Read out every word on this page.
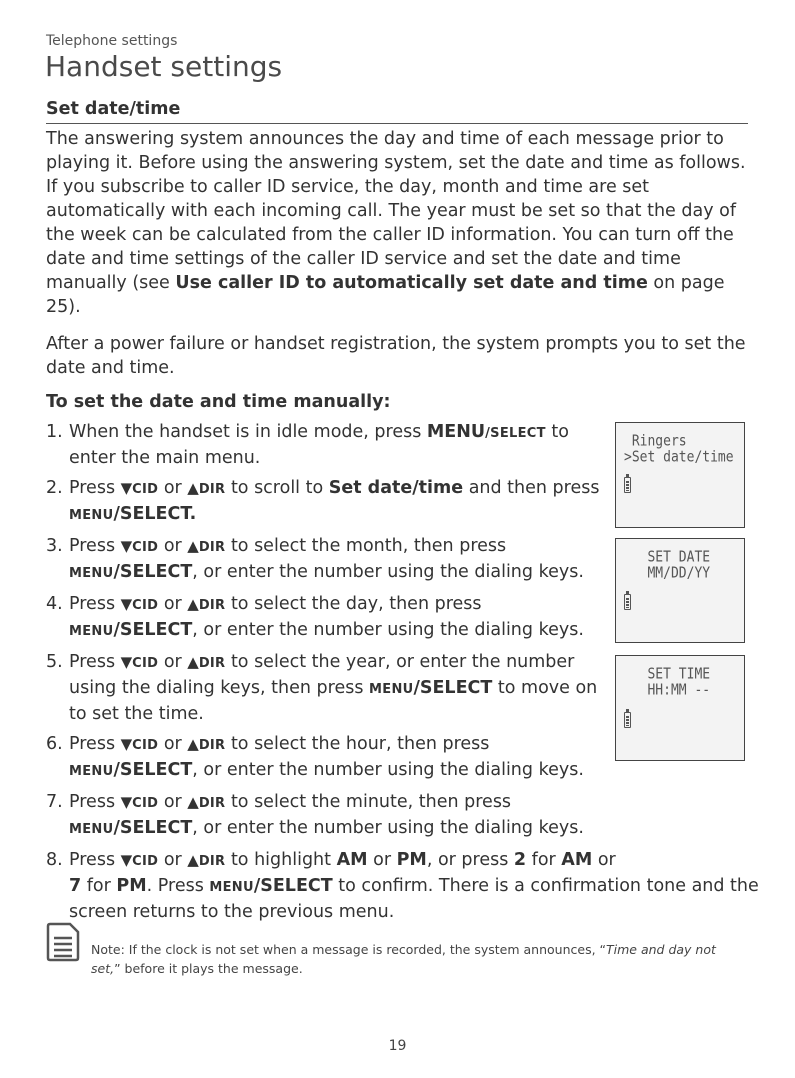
Telephone settings
Handset settings
Set date/time
The answering system announces the day and time of each message prior to playing it. Before using the answering system, set the date and time as follows. If you subscribe to caller ID service, the day, month and time are set automatically with each incoming call. The year must be set so that the day of the week can be calculated from the caller ID information. You can turn off the date and time settings of the caller ID service and set the date and time manually (see Use caller ID to automatically set date and time on page 25).
After a power failure or handset registration, the system prompts you to set the date and time.
To set the date and time manually:
1. When the handset is in idle mode, press MENU/SELECT to enter the main menu.
2. Press ▼CID or ▲DIR to scroll to Set date/time and then press MENU/SELECT.
3. Press ▼CID or ▲DIR to select the month, then press MENU/SELECT, or enter the number using the dialing keys.
4. Press ▼CID or ▲DIR to select the day, then press MENU/SELECT, or enter the number using the dialing keys.
5. Press ▼CID or ▲DIR to select the year, or enter the number using the dialing keys, then press MENU/SELECT to move on to set the time.
6. Press ▼CID or ▲DIR to select the hour, then press MENU/SELECT, or enter the number using the dialing keys.
7. Press ▼CID or ▲DIR to select the minute, then press MENU/SELECT, or enter the number using the dialing keys.
8. Press ▼CID or ▲DIR to highlight AM or PM, or press 2 for AM or
7 for PM. Press MENU/SELECT to confirm. There is a confirmation tone and the screen returns to the previous menu.
Ringers
>Set date/time
SET DATE
MM/DD/YY
SET TIME
HH:MM --
Note: If the clock is not set when a message is recorded, the system announces, “Time and day not set,” before it plays the message.
19
